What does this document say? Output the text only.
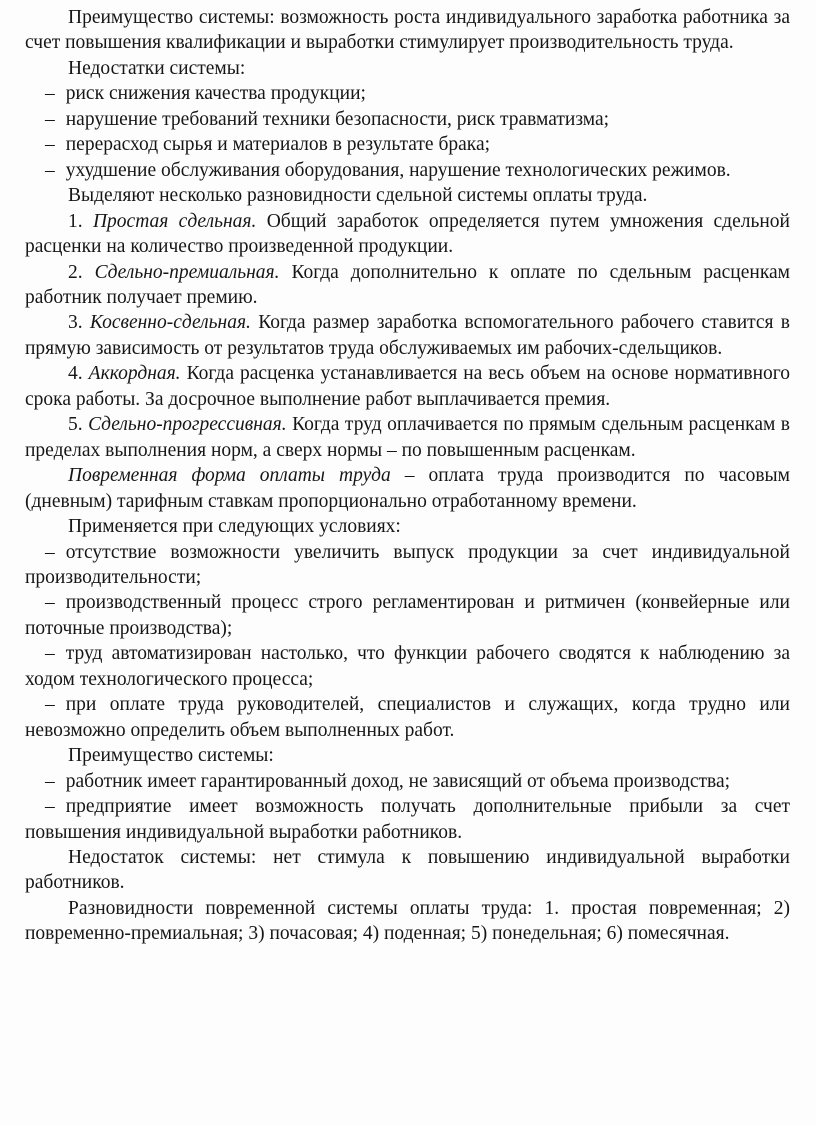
Преимущество системы: возможность роста индивидуального заработка работника за счет повышения квалификации и выработки стимулирует производительность труда.

Недостатки системы:

– риск снижения качества продукции;

– нарушение требований техники безопасности, риск травматизма;

– перерасход сырья и материалов в результате брака;

– ухудшение обслуживания оборудования, нарушение технологических режимов.

Выделяют несколько разновидности сдельной системы оплаты труда.

1. Простая сдельная. Общий заработок определяется путем умножения сдельной расценки на количество произведенной продукции.

2. Сдельно-премиальная. Когда дополнительно к оплате по сдельным расценкам работник получает премию.

3. Косвенно-сдельная. Когда размер заработка вспомогательного рабочего ставится в прямую зависимость от результатов труда обслуживаемых им рабочих-сдельщиков.

4. Аккордная. Когда расценка устанавливается на весь объем на основе нормативного срока работы. За досрочное выполнение работ выплачивается премия.

5. Сдельно-прогрессивная. Когда труд оплачивается по прямым сдельным расценкам в пределах выполнения норм, а сверх нормы – по повышенным расценкам.

Повременная форма оплаты труда – оплата труда производится по часовым (дневным) тарифным ставкам пропорционально отработанному времени.

Применяется при следующих условиях:

– отсутствие возможности увеличить выпуск продукции за счет индивидуальной производительности;

– производственный процесс строго регламентирован и ритмичен (конвейерные или поточные производства);

– труд автоматизирован настолько, что функции рабочего сводятся к наблюдению за ходом технологического процесса;

– при оплате труда руководителей, специалистов и служащих, когда трудно или невозможно определить объем выполненных работ.

Преимущество системы:

– работник имеет гарантированный доход, не зависящий от объема производства;

– предприятие имеет возможность получать дополнительные прибыли за счет повышения индивидуальной выработки работников.

Недостаток системы: нет стимула к повышению индивидуальной выработки работников.

Разновидности повременной системы оплаты труда: 1. простая повременная; 2) повременно-премиальная; 3) почасовая; 4) поденная; 5) понедельная; 6) помесячная.
